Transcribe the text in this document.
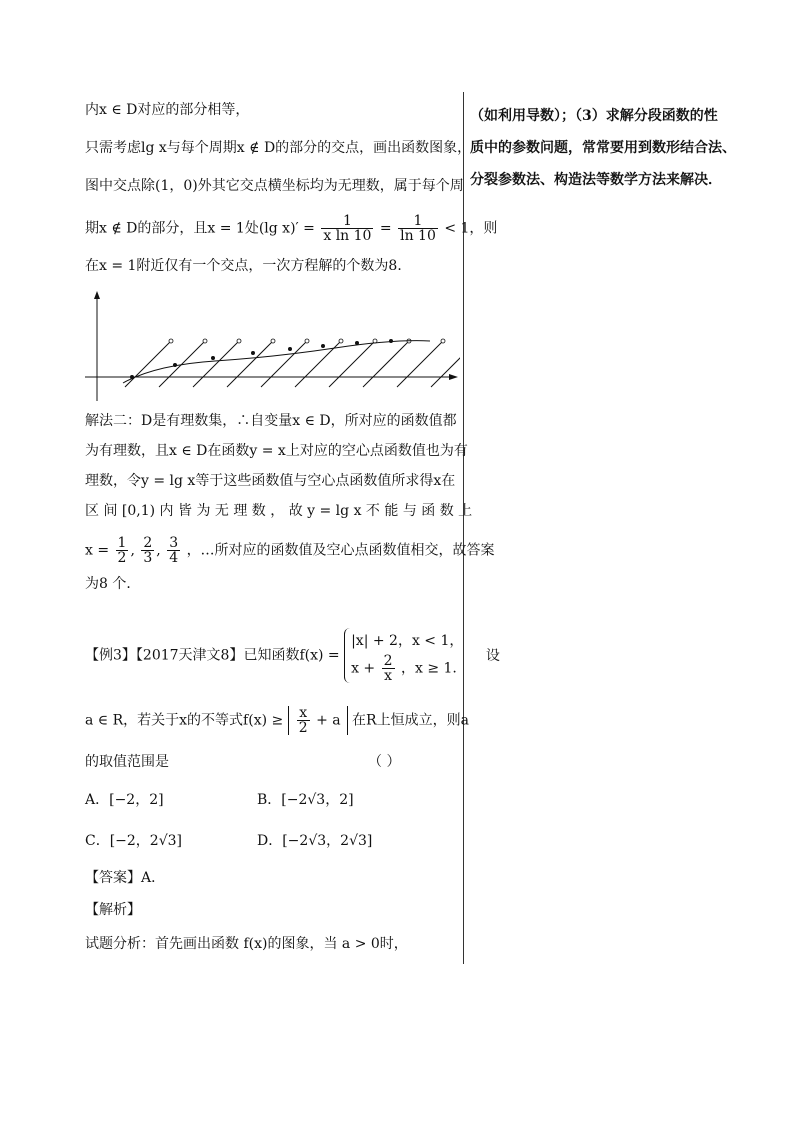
内x ∈ D对应的部分相等，
只需考虑lg x与每个周期x ∉ D的部分的交点，画出函数图象，
图中交点除(1，0)外其它交点横坐标均为无理数，属于每个周
期x ∉ D的部分，且x = 1处(lg $x)' = \frac{1}{\text{x ln 10}} = \frac{1}{\ln 10} < 1$，则
在x = 1附近仅有一个交点，一次方程解的个数为8．
解法二：D是有理数集，∴自变量x ∈ D，所对应的函数值都
为有理数，且x ∈ D在函数y = x上对应的空心点函数值也为有
理数，令y = lg x等于这些函数值与空心点函数值所求得x在
区 间 [0,1) 内 皆 为 无 理 数 ， 故 y = lg x 不 能 与 函 数 上
$x = \frac{1}{2}$ , $\frac{2}{3}$ , $\frac{3}{4}$ ，…所对应的函数值及空心点函数值相交，故答案
为8 个．
【例3】【2017天津文8】已知函数f(x) =
|x| + 2，x < 1，
$x + \frac{2}{x}$ ，x ≥ 1.
设
a ∈ R，若关于x的不等式$f(x) \ge \frac{x}{2} + a$ 在R上恒成立，则a
的取值范围是	（ ）
A．[−2，2]	B．[−2√3，2]
C．[−2，2√3]	D．[−2√3，2√3]
【答案】A．
【解析】
试题分析：首先画出函数 f(x)的图象，当 a > 0时，
（如利用导数）；（3）求解分段函数的性
质中的参数问题，常常要用到数形结合法、
分裂参数法、构造法等数学方法来解决．
